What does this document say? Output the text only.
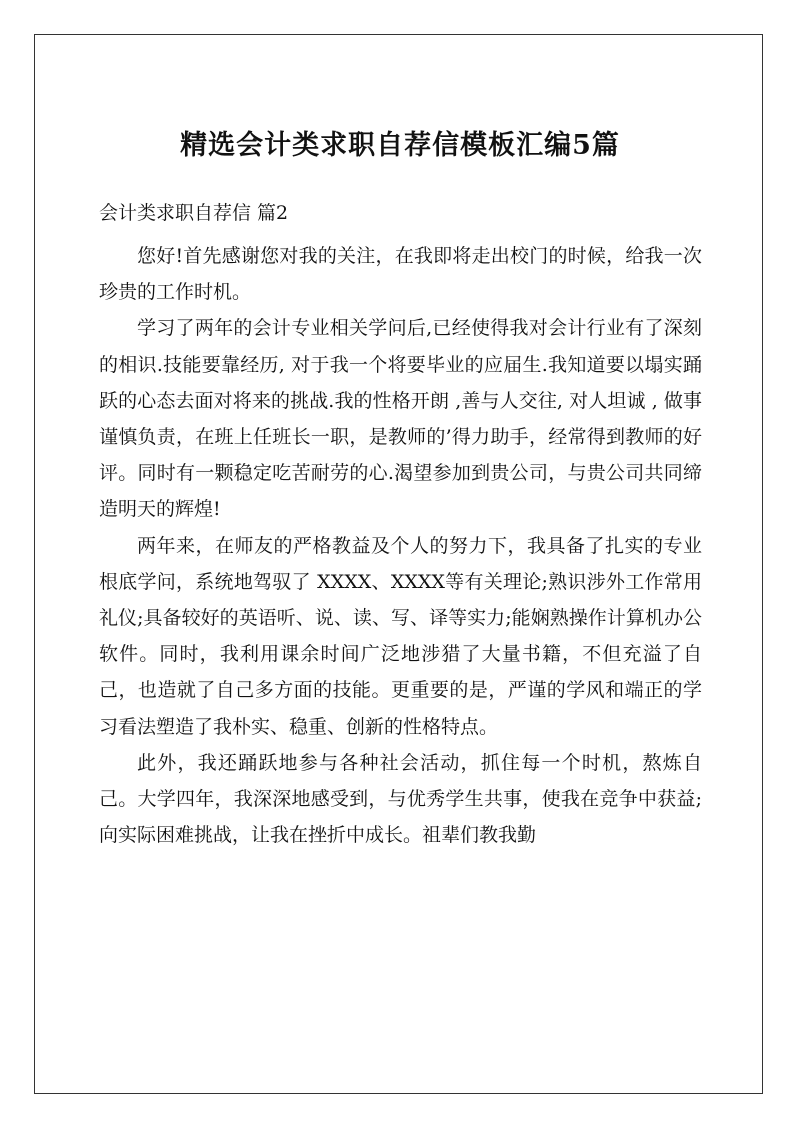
精选会计类求职自荐信模板汇编5篇
会计类求职自荐信 篇2

您好!首先感谢您对我的关注，在我即将走出校门的时候，给我一次珍贵的工作时机。

学习了两年的会计专业相关学问后,已经使得我对会计行业有了深刻的相识.技能要靠经历, 对于我一个将要毕业的应届生.我知道要以塌实踊跃的心态去面对将来的挑战.我的性格开朗 ,善与人交往, 对人坦诚 , 做事谨慎负责，在班上任班长一职，是教师的’得力助手，经常得到教师的好评。同时有一颗稳定吃苦耐劳的心.渴望参加到贵公司，与贵公司共同缔造明天的辉煌!

两年来，在师友的严格教益及个人的努力下，我具备了扎实的专业根底学问，系统地驾驭了 XXXX、XXXX等有关理论;熟识涉外工作常用礼仪;具备较好的英语听、说、读、写、译等实力;能娴熟操作计算机办公软件。同时，我利用课余时间广泛地涉猎了大量书籍，不但充溢了自己，也造就了自己多方面的技能。更重要的是，严谨的学风和端正的学习看法塑造了我朴实、稳重、创新的性格特点。

此外，我还踊跃地参与各种社会活动，抓住每一个时机，熬炼自己。大学四年，我深深地感受到，与优秀学生共事，使我在竞争中获益;向实际困难挑战，让我在挫折中成长。祖辈们教我勤
